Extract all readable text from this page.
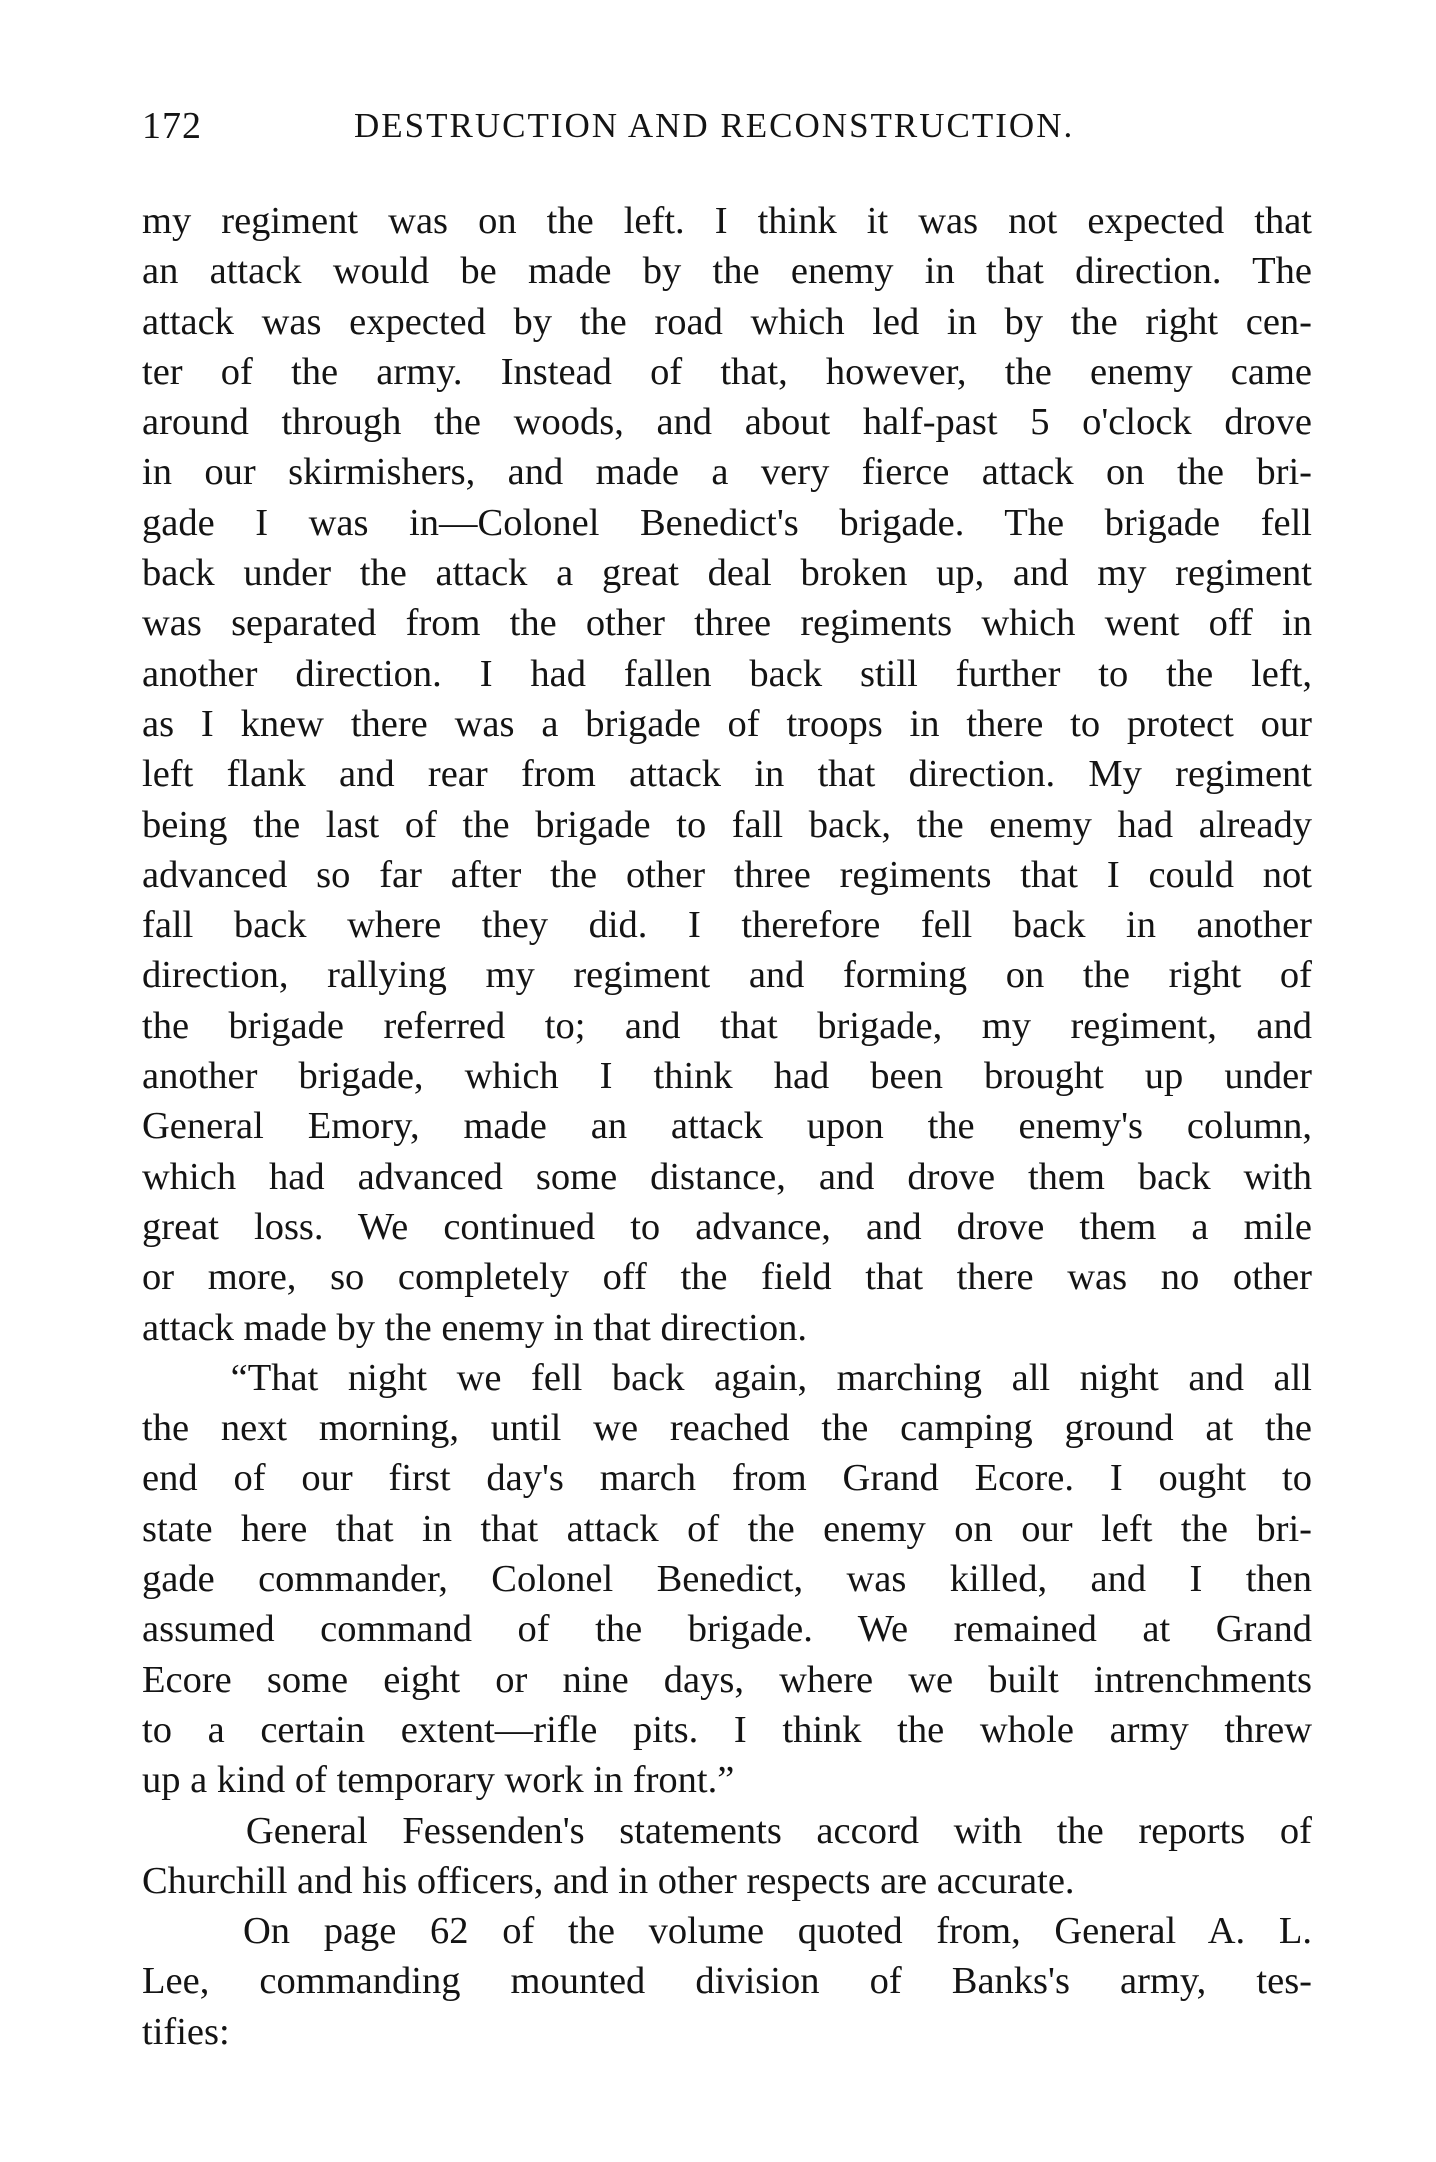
172	DESTRUCTION AND RECONSTRUCTION.
my regiment was on the left. I think it was not expected that
an attack would be made by the enemy in that direction. The
attack was expected by the road which led in by the right cen-
ter of the army. Instead of that, however, the enemy came
around through the woods, and about half-past 5 o'clock drove
in our skirmishers, and made a very fierce attack on the bri-
gade I was in—Colonel Benedict's brigade. The brigade fell
back under the attack a great deal broken up, and my regiment
was separated from the other three regiments which went off in
another direction. I had fallen back still further to the left,
as I knew there was a brigade of troops in there to protect our
left flank and rear from attack in that direction. My regiment
being the last of the brigade to fall back, the enemy had already
advanced so far after the other three regiments that I could not
fall back where they did. I therefore fell back in another
direction, rallying my regiment and forming on the right of
the brigade referred to; and that brigade, my regiment, and
another brigade, which I think had been brought up under
General Emory, made an attack upon the enemy's column,
which had advanced some distance, and drove them back with
great loss. We continued to advance, and drove them a mile
or more, so completely off the field that there was no other
attack made by the enemy in that direction.
“That night we fell back again, marching all night and all
the next morning, until we reached the camping ground at the
end of our first day's march from Grand Ecore. I ought to
state here that in that attack of the enemy on our left the bri-
gade commander, Colonel Benedict, was killed, and I then
assumed command of the brigade. We remained at Grand
Ecore some eight or nine days, where we built intrenchments
to a certain extent—rifle pits. I think the whole army threw
up a kind of temporary work in front.”
General Fessenden's statements accord with the reports of
Churchill and his officers, and in other respects are accurate.
On page 62 of the volume quoted from, General A. L.
Lee, commanding mounted division of Banks's army, tes-
tifies:
